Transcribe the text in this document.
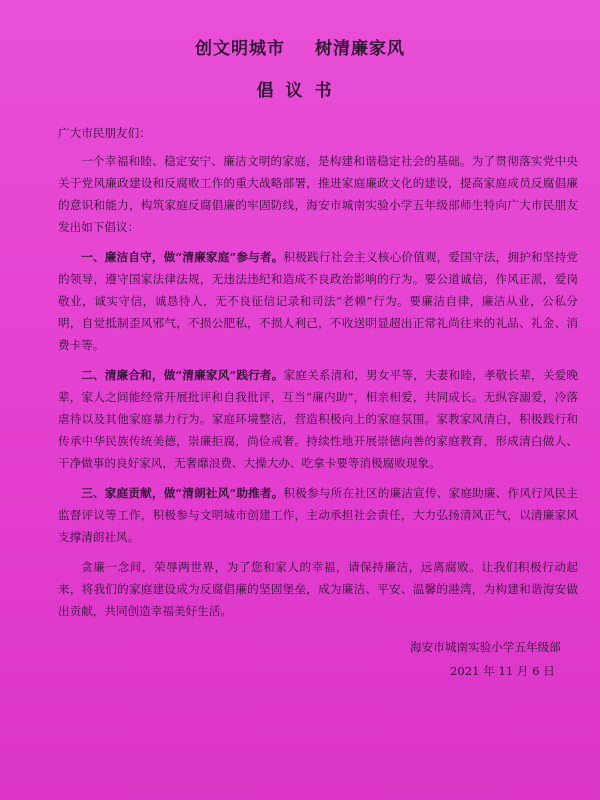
创文明城市 树清廉家风
倡议书

广大市民朋友们：

一个幸福和睦、稳定安宁、廉洁文明的家庭，是构建和谐稳定社会的基础。为了贯彻落实党中央关于党风廉政建设和反腐败工作的重大战略部署，推进家庭廉政文化的建设，提高家庭成员反腐倡廉的意识和能力，构筑家庭反腐倡廉的牢固防线，海安市城南实验小学五年级部师生特向广大市民朋友发出如下倡议：

一、廉洁自守，做“清廉家庭”参与者。积极践行社会主义核心价值观，爱国守法，拥护和坚持党的领导，遵守国家法律法规，无违法违纪和造成不良政治影响的行为。要公道诚信，作风正派，爱岗敬业，诚实守信，诚恳待人，无不良征信记录和司法“老赖”行为。要廉洁自律，廉洁从业，公私分明，自觉抵制歪风邪气，不损公肥私，不损人利己，不收送明显超出正常礼尚往来的礼品、礼金、消费卡等。

二、清廉合和，做“清廉家风”践行者。家庭关系清和，男女平等，夫妻和睦，孝敬长辈，关爱晚辈，家人之间能经常开展批评和自我批评，互当“廉内助”，相亲相爱，共同成长。无纵容溺爱，冷落虐待以及其他家庭暴力行为。家庭环境整洁，营造积极向上的家庭氛围。家教家风清白，积极践行和传承中华民族传统美德，崇廉拒腐，尚俭戒奢。持续性地开展崇德向善的家庭教育，形成清白做人、干净做事的良好家风，无奢靡浪费、大操大办、吃拿卡要等消极腐败现象。

三、家庭贡献，做“清朗社风”助推者。积极参与所在社区的廉洁宣传、家庭助廉、作风行风民主监督评议等工作，积极参与文明城市创建工作，主动承担社会责任，大力弘扬清风正气，以清廉家风支撑清朗社风。

贪廉一念间，荣辱两世界，为了您和家人的幸福，请保持廉洁，远离腐败。让我们积极行动起来，将我们的家庭建设成为反腐倡廉的坚固堡垒，成为廉洁、平安、温馨的港湾，为构建和谐海安做出贡献，共同创造幸福美好生活。

海安市城南实验小学五年级部
2021 年 11 月 6 日
